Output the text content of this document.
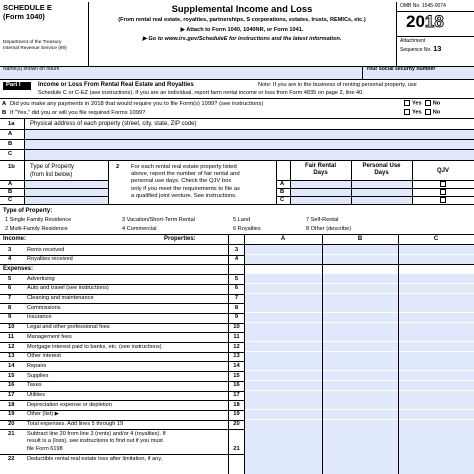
SCHEDULE E
(Form 1040)
Department of the Treasury
Internal Revenue Service (99)
Supplemental Income and Loss
(From rental real estate, royalties, partnerships, S corporations, estates, trusts, REMICs, etc.)
▶ Attach to Form 1040, 1040NR, or Form 1041.
▶ Go to www.irs.gov/ScheduleE for instructions and the latest information.
OMB No. 1545-0074
2018
Attachment
Sequence No. 13
Name(s) shown on return	Your social security number
Part I	Income or Loss From Rental Real Estate and Royalties	Note: If you are in the business of renting personal property, use
Schedule C or C-EZ (see instructions). If you are an individual, report farm rental income or loss from Form 4835 on page 2, line 40.
A Did you make any payments in 2018 that would require you to file Form(s) 1099? (see instructions)	Yes No
B If "Yes," did you or will you file required Forms 1099?	Yes No
1a	Physical address of each property (street, city, state, ZIP code)
A
B
C
1b	Type of Property
(from list below)
A
B
C
2 For each rental real estate property listed
above, report the number of fair rental and
personal use days. Check the QJV box
only if you meet the requirements to file as
a qualified joint venture. See instructions.
Fair Rental
Days
Personal Use
Days	QJV
A
B
C
Type of Property:
1 Single Family Residence
2 Multi-Family Residence
3 Vacation/Short-Term Rental
4 Commercial
5 Land
6 Royalties
7 Self-Rental
8 Other (describe)
Income:	Properties:	A	B	C
3	Rents received	3
4	Royalties received	4
Expenses:
5	Advertising	5
6	Auto and travel (see instructions)	6
7	Cleaning and maintenance	7
8	Commissions	8
9	Insurance	9
10 Legal and other professional fees	10
11 Management fees	11
12 Mortgage interest paid to banks, etc. (see instructions)	12
13 Other interest	13
14 Repairs	14
15 Supplies	15
16 Taxes	16
17 Utilities	17
18 Depreciation expense or depletion	18
19 Other (list) ▶	19
20 Total expenses. Add lines 5 through 19	20
21 Subtract line 20 from line 3 (rents) and/or 4 (royalties). If
result is a (loss), see instructions to find out if you must
file Form 6198	21
22 Deductible rental real estate loss after limitation, if any,
